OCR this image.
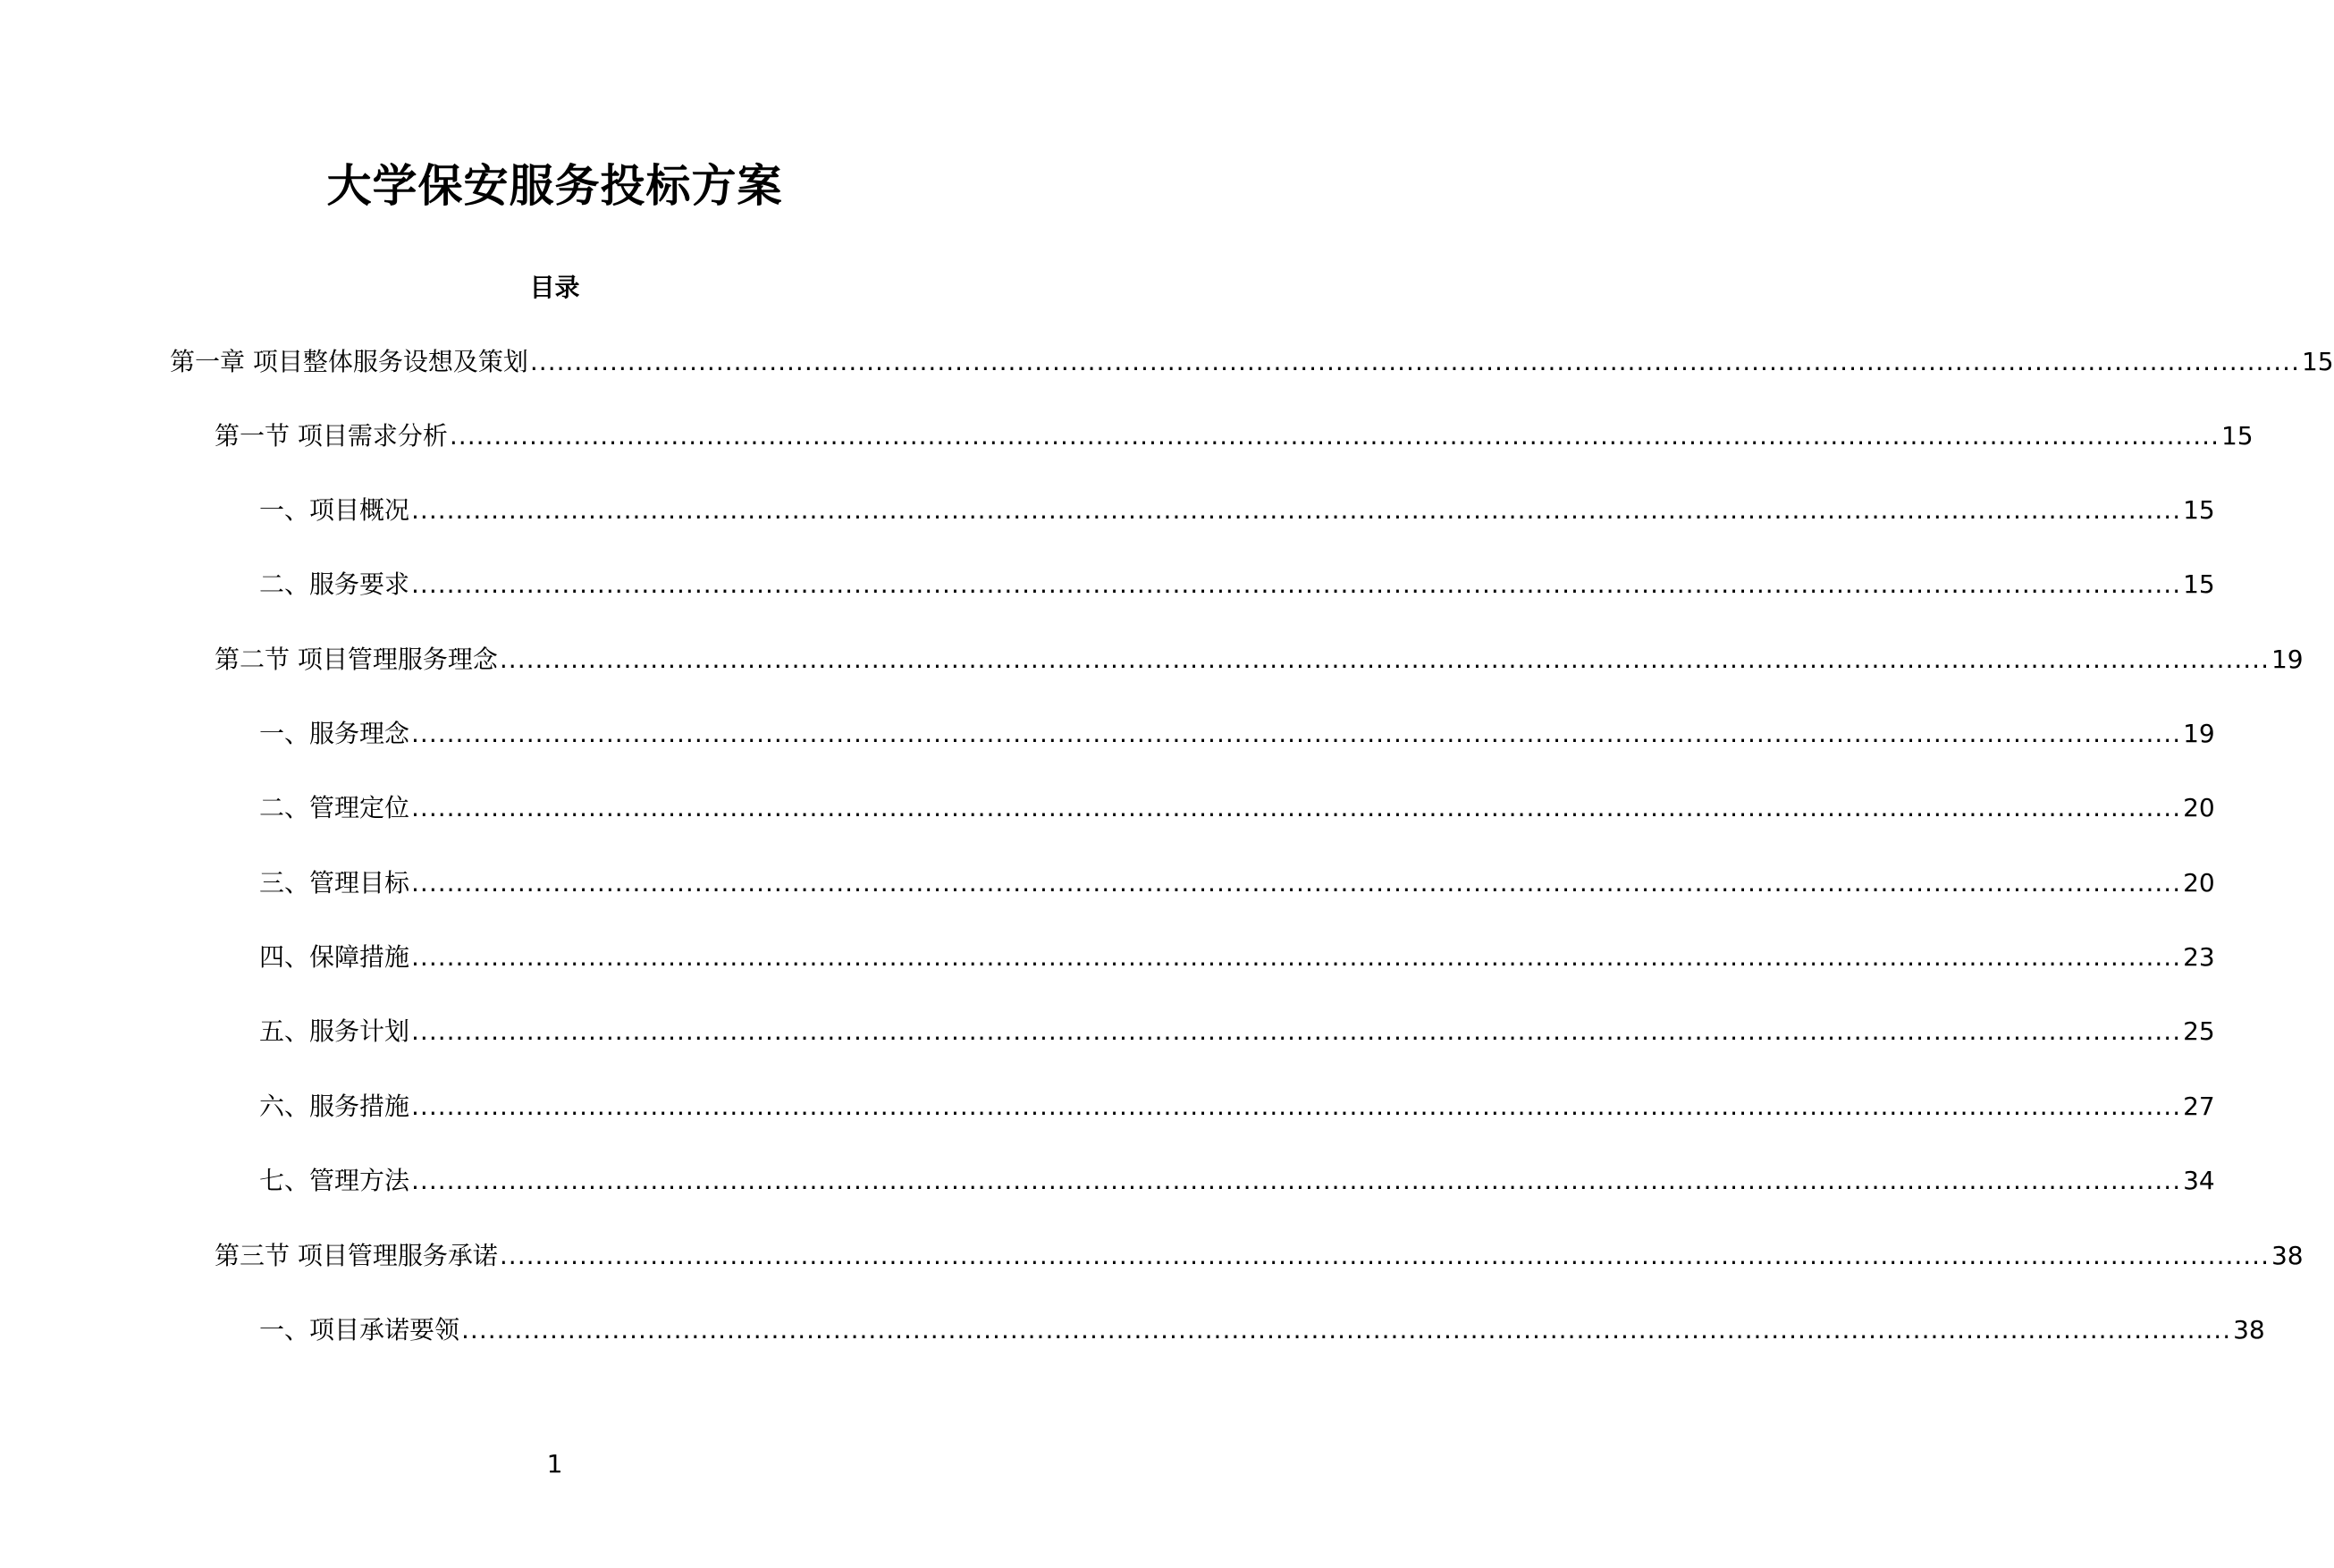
大学保安服务投标方案
目录
第一章 项目整体服务设想及策划 ........................................................................................................................................................................................................ 15
第一节 项目需求分析 ........................................................................................................................................................................................................ 15
一、项目概况 ........................................................................................................................................................................................................ 15
二、服务要求 ........................................................................................................................................................................................................ 15
第二节 项目管理服务理念 ........................................................................................................................................................................................................ 19
一、服务理念 ........................................................................................................................................................................................................ 19
二、管理定位 ........................................................................................................................................................................................................ 20
三、管理目标 ........................................................................................................................................................................................................ 20
四、保障措施 ........................................................................................................................................................................................................ 23
五、服务计划 ........................................................................................................................................................................................................ 25
六、服务措施 ........................................................................................................................................................................................................ 27
七、管理方法 ........................................................................................................................................................................................................ 34
第三节 项目管理服务承诺 ........................................................................................................................................................................................................ 38
一、项目承诺要领 ........................................................................................................................................................................................................ 38
1
